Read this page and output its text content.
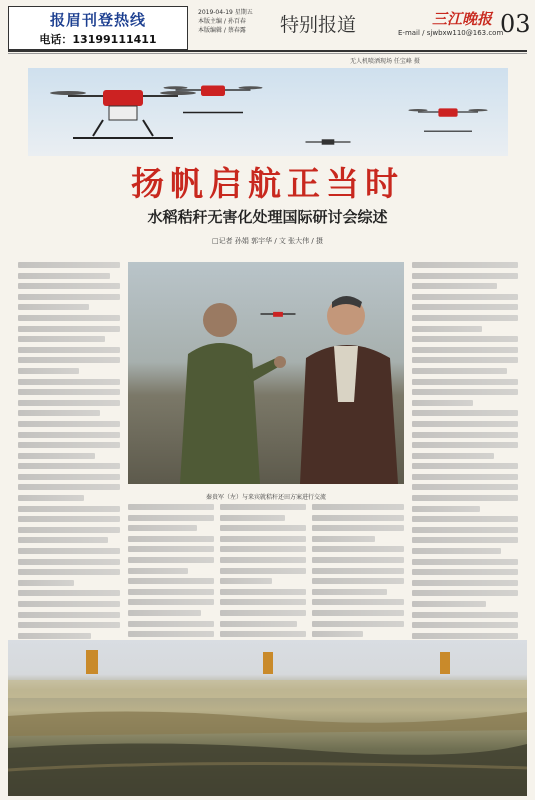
报眉刊登热线
电话：13199111411
2019-04-19 星期五
本版主编 / 孙百春
本版编辑 / 蔡春露	特别报道	三江晚报 03
E-mail / sjwbxw110@163.com
无人机喷洒现场 任宝峰 摄
扬帆启航正当时
水稻秸秆无害化处理国际研讨会综述
□记者 孙娟 郭宇华 / 文 张大伟 / 摄
秦贵军（左）与来宾就秸秆还田方案进行交流
